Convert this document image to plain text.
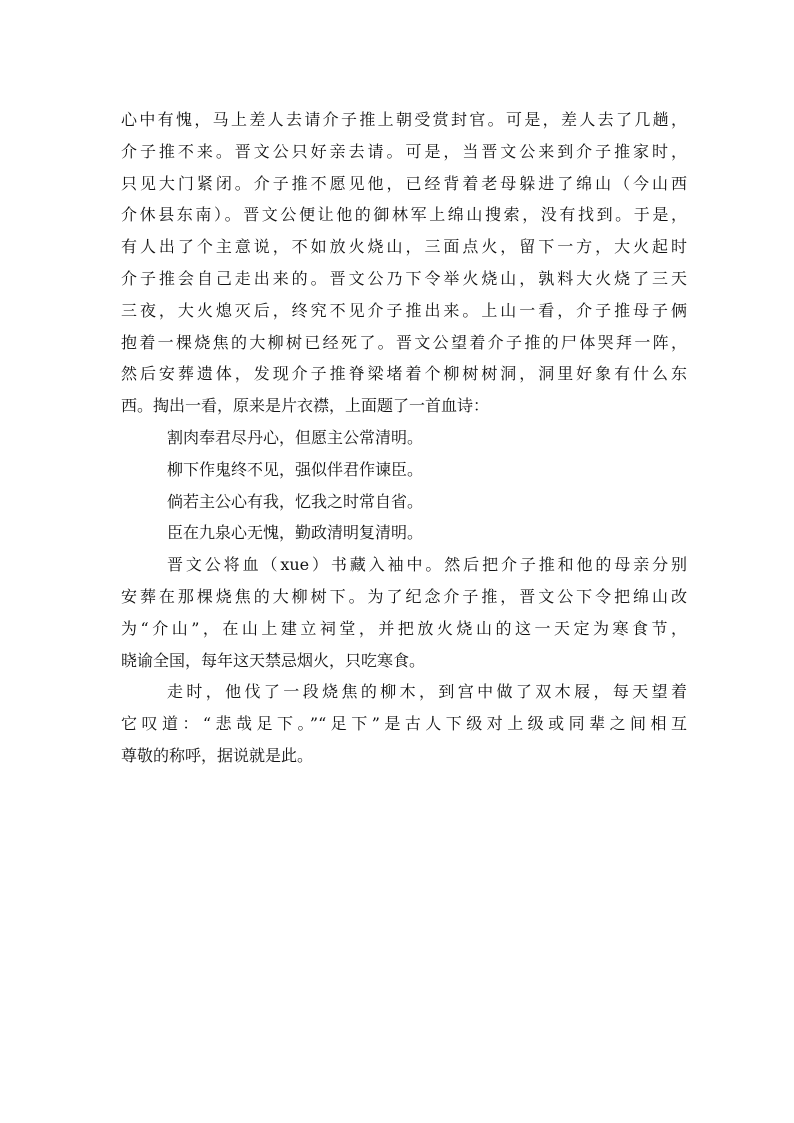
心中有愧，马上差人去请介子推上朝受赏封官。可是，差人去了几趟，
介子推不来。晋文公只好亲去请。可是，当晋文公来到介子推家时，
只见大门紧闭。介子推不愿见他，已经背着老母躲进了绵山（今山西
介休县东南）。晋文公便让他的御林军上绵山搜索，没有找到。于是，
有人出了个主意说，不如放火烧山，三面点火，留下一方，大火起时
介子推会自己走出来的。晋文公乃下令举火烧山，孰料大火烧了三天
三夜，大火熄灭后，终究不见介子推出来。上山一看，介子推母子俩
抱着一棵烧焦的大柳树已经死了。晋文公望着介子推的尸体哭拜一阵，
然后安葬遗体，发现介子推脊梁堵着个柳树树洞，洞里好象有什么东
西。掏出一看，原来是片衣襟，上面题了一首血诗：
割肉奉君尽丹心，但愿主公常清明。
柳下作鬼终不见，强似伴君作谏臣。
倘若主公心有我，忆我之时常自省。
臣在九泉心无愧，勤政清明复清明。
晋文公将血（xue）书藏入袖中。然后把介子推和他的母亲分别
安葬在那棵烧焦的大柳树下。为了纪念介子推，晋文公下令把绵山改
为“介山”，在山上建立祠堂，并把放火烧山的这一天定为寒食节，
晓谕全国，每年这天禁忌烟火，只吃寒食。
走时，他伐了一段烧焦的柳木，到宫中做了双木屐，每天望着
它叹道：“悲哉足下。”“足下”是古人下级对上级或同辈之间相互
尊敬的称呼，据说就是此。
